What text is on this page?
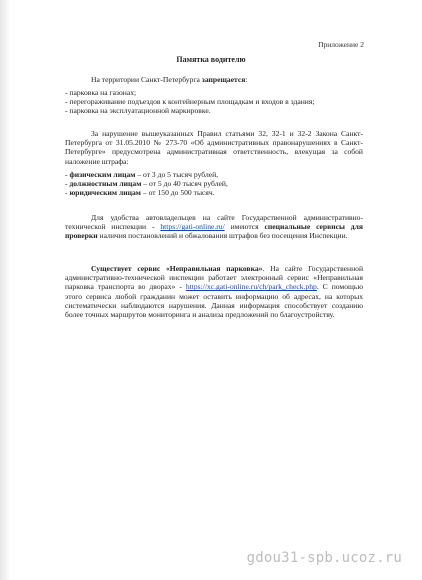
Приложение 2
Памятка водителю

На территории Санкт-Петербурга запрещается:

- парковка на газонах;
- перегораживание подъездов к контейнерным площадкам и входов в здания;
- парковка на эксплуатационной маркировке.

За нарушение вышеуказанных Правил статьями 32, 32-1 и 32-2 Закона Санкт-Петербурга от 31.05.2010 № 273-70 «Об административных правонарушениях в Санкт-Петербурге» предусмотрена административная ответственность, влекущая за собой наложение штрафа:

- физическим лицам – от 3 до 5 тысяч рублей,
- должностным лицам – от 5 до 40 тысяч рублей,
- юридическим лицам – от 150 до 500 тысяч.

Для удобства автовладельцев на сайте Государственной административно-технической инспекции - https://gati-online.ru/ имеются специальные сервисы для проверки наличия постановлений и обжалования штрафов без посещения Инспекции.

Существует сервис «Неправильная парковка». На сайте Государственной административно-технической инспекции работает электронный сервис «Неправильная парковка транспорта во дворах» - https://xc.gati-online.ru/ch/park_check.php. С помощью этого сервиса любой гражданин может оставить информацию об адресах, на которых систематически наблюдаются нарушения. Данная информация способствует созданию более точных маршрутов мониторинга и анализа предложений по благоустройству.

gdou31-spb.ucoz.ru
